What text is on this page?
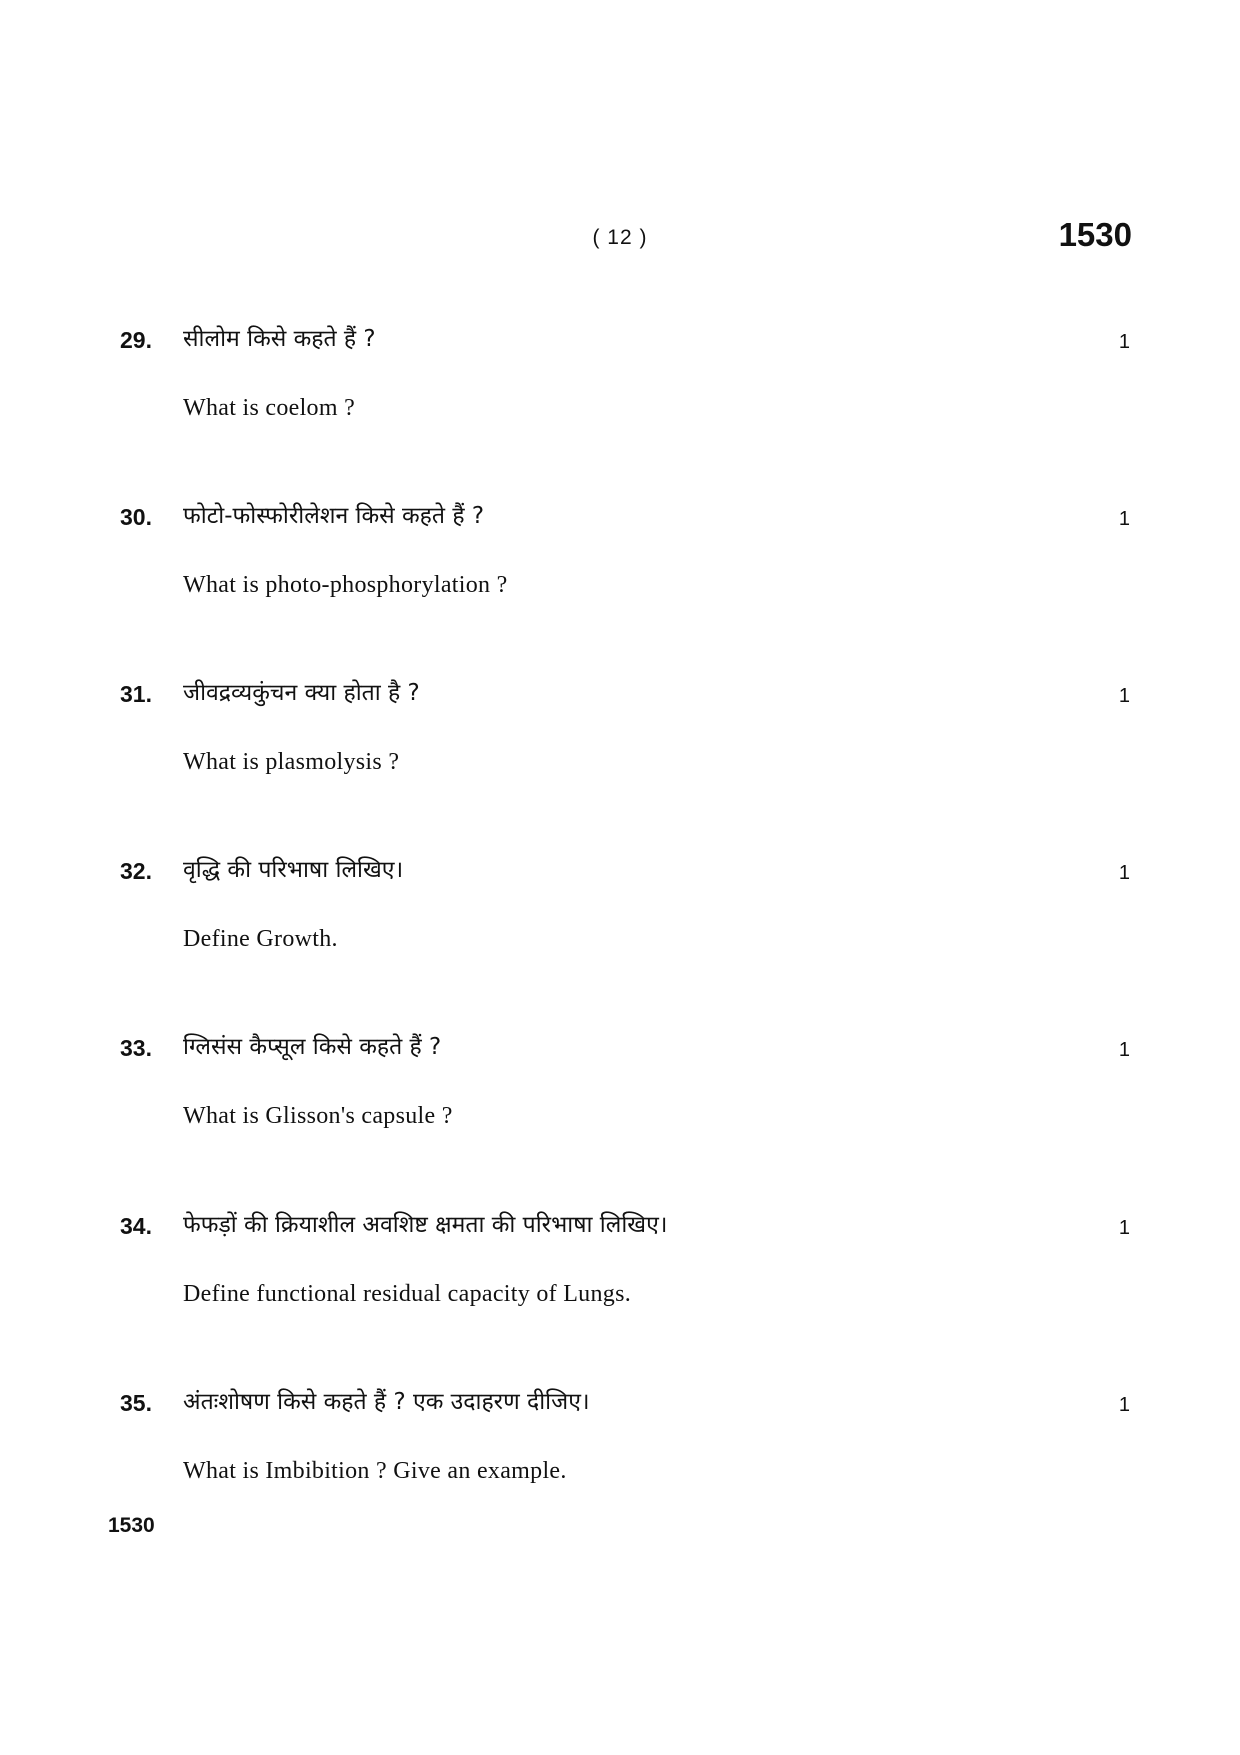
( 12 )	1530
29. सीलोम किसे कहते हैं ?	1
What is coelom ?
30. फोटो-फोस्फोरीलेशन किसे कहते हैं ?	1
What is photo-phosphorylation ?
31. जीवद्रव्यकुंचन क्या होता है ?	1
What is plasmolysis ?
32. वृद्धि की परिभाषा लिखिए।	1
Define Growth.
33. ग्लिसंस कैप्सूल किसे कहते हैं ?	1
What is Glisson's capsule ?
34. फेफड़ों की क्रियाशील अवशिष्ट क्षमता की परिभाषा लिखिए।	1
Define functional residual capacity of Lungs.
35. अंतःशोषण किसे कहते हैं ? एक उदाहरण दीजिए।	1
What is Imbibition ? Give an example.
1530
